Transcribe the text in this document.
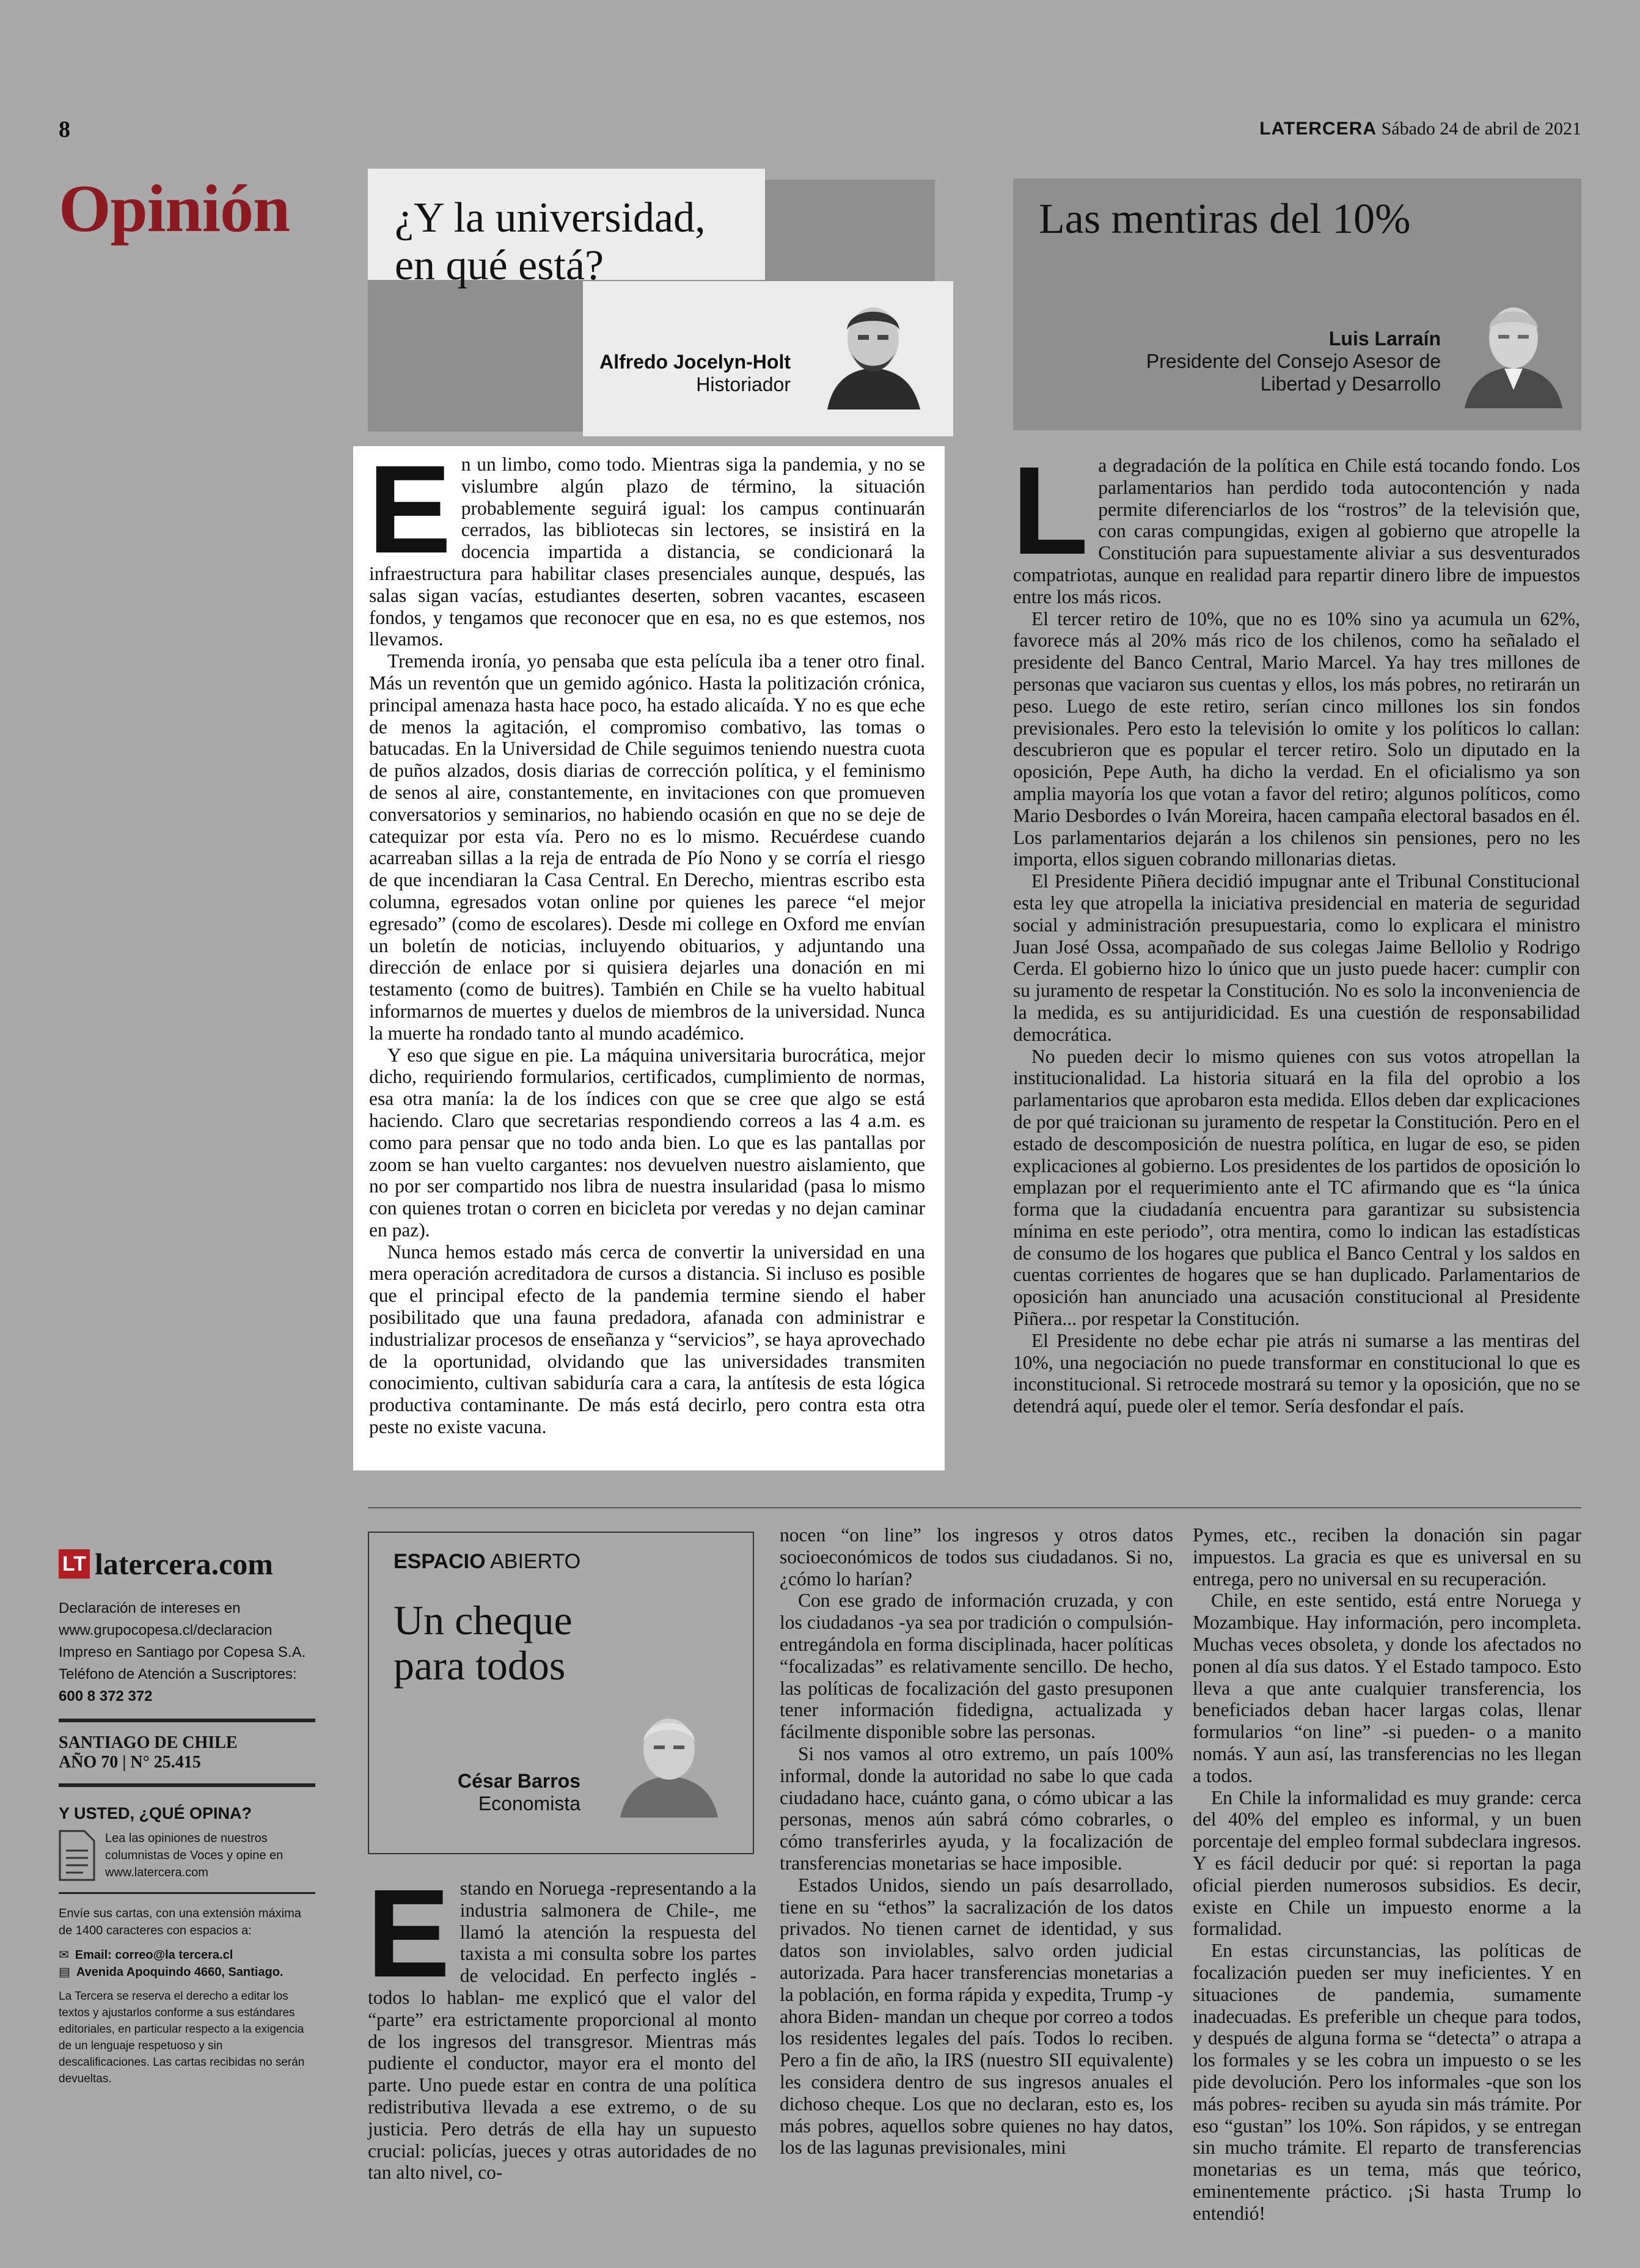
8	LATERCERA Sábado 24 de abril de 2021
Opinión ¿Y la universidad,
en qué está?
Alfredo Jocelyn-Holt
Historiador
Las mentiras del 10%
Luis Larraín
Presidente del Consejo Asesor de
Libertad y Desarrollo

En un limbo, como todo. Mientras siga la pandemia, y no se vislumbre algún plazo de término, la situación probablemente seguirá igual: los campus continuarán cerrados, las bibliotecas sin lectores, se insistirá en la docencia impartida a distancia, se condicionará la infraestructura para habilitar clases presenciales aunque, después, las salas sigan vacías, estudiantes deserten, sobren vacantes, escaseen fondos, y tengamos que reconocer que en esa, no es que estemos, nos llevamos.

Tremenda ironía, yo pensaba que esta película iba a tener otro final. Más un reventón que un gemido agónico. Hasta la politización crónica, principal amenaza hasta hace poco, ha estado alicaída. Y no es que eche de menos la agitación, el compromiso combativo, las tomas o batucadas. En la Universidad de Chile seguimos teniendo nuestra cuota de puños alzados, dosis diarias de corrección política, y el feminismo de senos al aire, constantemente, en invitaciones con que promueven conversatorios y seminarios, no habiendo ocasión en que no se deje de catequizar por esta vía. Pero no es lo mismo. Recuérdese cuando acarreaban sillas a la reja de entrada de Pío Nono y se corría el riesgo de que incendiaran la Casa Central. En Derecho, mientras escribo esta columna, egresados votan online por quienes les parece “el mejor egresado” (como de escolares). Desde mi college en Oxford me envían un boletín de noticias, incluyendo obituarios, y adjuntando una dirección de enlace por si quisiera dejarles una donación en mi testamento (como de buitres). También en Chile se ha vuelto habitual informarnos de muertes y duelos de miembros de la universidad. Nunca la muerte ha rondado tanto al mundo académico.

Y eso que sigue en pie. La máquina universitaria burocrática, mejor dicho, requiriendo formularios, certificados, cumplimiento de normas, esa otra manía: la de los índices con que se cree que algo se está haciendo. Claro que secretarias respondiendo correos a las 4 a.m. es como para pensar que no todo anda bien. Lo que es las pantallas por zoom se han vuelto cargantes: nos devuelven nuestro aislamiento, que no por ser compartido nos libra de nuestra insularidad (pasa lo mismo con quienes trotan o corren en bicicleta por veredas y no dejan caminar en paz).

Nunca hemos estado más cerca de convertir la universidad en una mera operación acreditadora de cursos a distancia. Si incluso es posible que el principal efecto de la pandemia termine siendo el haber posibilitado que una fauna predadora, afanada con administrar e industrializar procesos de enseñanza y “servicios”, se haya aprovechado de la oportunidad, olvidando que las universidades transmiten conocimiento, cultivan sabiduría cara a cara, la antítesis de esta lógica productiva contaminante. De más está decirlo, pero contra esta otra peste no existe vacuna.

La degradación de la política en Chile está tocando fondo. Los parlamentarios han perdido toda autocontención y nada permite diferenciarlos de los “rostros” de la televisión que, con caras compungidas, exigen al gobierno que atropelle la Constitución para supuestamente aliviar a sus desventurados compatriotas, aunque en realidad para repartir dinero libre de impuestos entre los más ricos.

El tercer retiro de 10%, que no es 10% sino ya acumula un 62%, favorece más al 20% más rico de los chilenos, como ha señalado el presidente del Banco Central, Mario Marcel. Ya hay tres millones de personas que vaciaron sus cuentas y ellos, los más pobres, no retirarán un peso. Luego de este retiro, serían cinco millones los sin fondos previsionales. Pero esto la televisión lo omite y los políticos lo callan: descubrieron que es popular el tercer retiro. Solo un diputado en la oposición, Pepe Auth, ha dicho la verdad. En el oficialismo ya son amplia mayoría los que votan a favor del retiro; algunos políticos, como Mario Desbordes o Iván Moreira, hacen campaña electoral basados en él. Los parlamentarios dejarán a los chilenos sin pensiones, pero no les importa, ellos siguen cobrando millonarias dietas.

El Presidente Piñera decidió impugnar ante el Tribunal Constitucional esta ley que atropella la iniciativa presidencial en materia de seguridad social y administración presupuestaria, como lo explicara el ministro Juan José Ossa, acompañado de sus colegas Jaime Bellolio y Rodrigo Cerda. El gobierno hizo lo único que un justo puede hacer: cumplir con su juramento de respetar la Constitución. No es solo la inconveniencia de la medida, es su antijuridicidad. Es una cuestión de responsabilidad democrática.

No pueden decir lo mismo quienes con sus votos atropellan la institucionalidad. La historia situará en la fila del oprobio a los parlamentarios que aprobaron esta medida. Ellos deben dar explicaciones de por qué traicionan su juramento de respetar la Constitución. Pero en el estado de descomposición de nuestra política, en lugar de eso, se piden explicaciones al gobierno. Los presidentes de los partidos de oposición lo emplazan por el requerimiento ante el TC afirmando que es “la única forma que la ciudadanía encuentra para garantizar su subsistencia mínima en este periodo”, otra mentira, como lo indican las estadísticas de consumo de los hogares que publica el Banco Central y los saldos en cuentas corrientes de hogares que se han duplicado. Parlamentarios de oposición han anunciado una acusación constitucional al Presidente Piñera... por respetar la Constitución.

El Presidente no debe echar pie atrás ni sumarse a las mentiras del 10%, una negociación no puede transformar en constitucional lo que es inconstitucional. Si retrocede mostrará su temor y la oposición, que no se detendrá aquí, puede oler el temor. Sería desfondar el país.

LT latercera.com
Declaración de intereses en
www.grupocopesa.cl/declaracion
Impreso en Santiago por Copesa S.A.
Teléfono de Atención a Suscriptores:
600 8 372 372
SANTIAGO DE CHILE
AÑO 70 | N° 25.415
Y USTED, ¿QUÉ OPINA?
Lea las opiniones de nuestros columnistas de Voces y opine en www.latercera.com
Envíe sus cartas, con una extensión máxima de 1400 caracteres con espacios a:
✉ Email: correo@la tercera.cl
▤ Avenida Apoquindo 4660, Santiago.
La Tercera se reserva el derecho a editar los textos y ajustarlos conforme a sus estándares editoriales, en particular respecto a la exigencia de un lenguaje respetuoso y sin descalificaciones. Las cartas recibidas no serán devueltas.
ESPACIO ABIERTO
Un cheque
para todos
César Barros
Economista

Estando en Noruega -representando a la industria salmonera de Chile-, me llamó la atención la respuesta del taxista a mi consulta sobre los partes de velocidad. En perfecto inglés -todos lo hablan- me explicó que el valor del “parte” era estrictamente proporcional al monto de los ingresos del transgresor. Mientras más pudiente el conductor, mayor era el monto del parte. Uno puede estar en contra de una política redistributiva llevada a ese extremo, o de su justicia. Pero detrás de ella hay un supuesto crucial: policías, jueces y otras autoridades de no tan alto nivel, co-

nocen “on line” los ingresos y otros datos socioeconómicos de todos sus ciudadanos. Si no, ¿cómo lo harían?

Con ese grado de información cruzada, y con los ciudadanos -ya sea por tradición o compulsión- entregándola en forma disciplinada, hacer políticas “focalizadas” es relativamente sencillo. De hecho, las políticas de focalización del gasto presuponen tener información fidedigna, actualizada y fácilmente disponible sobre las personas.

Si nos vamos al otro extremo, un país 100% informal, donde la autoridad no sabe lo que cada ciudadano hace, cuánto gana, o cómo ubicar a las personas, menos aún sabrá cómo cobrarles, o cómo transferirles ayuda, y la focalización de transferencias monetarias se hace imposible.

Estados Unidos, siendo un país desarrollado, tiene en su “ethos” la sacralización de los datos privados. No tienen carnet de identidad, y sus datos son inviolables, salvo orden judicial autorizada. Para hacer transferencias monetarias a la población, en forma rápida y expedita, Trump -y ahora Biden- mandan un cheque por correo a todos los residentes legales del país. Todos lo reciben. Pero a fin de año, la IRS (nuestro SII equivalente) les considera dentro de sus ingresos anuales el dichoso cheque. Los que no declaran, esto es, los más pobres, aquellos sobre quienes no hay datos, los de las lagunas previsionales, mini

Pymes, etc., reciben la donación sin pagar impuestos. La gracia es que es universal en su entrega, pero no universal en su recuperación.

Chile, en este sentido, está entre Noruega y Mozambique. Hay información, pero incompleta. Muchas veces obsoleta, y donde los afectados no ponen al día sus datos. Y el Estado tampoco. Esto lleva a que ante cualquier transferencia, los beneficiados deban hacer largas colas, llenar formularios “on line” -si pueden- o a manito nomás. Y aun así, las transferencias no les llegan a todos.

En Chile la informalidad es muy grande: cerca del 40% del empleo es informal, y un buen porcentaje del empleo formal subdeclara ingresos. Y es fácil deducir por qué: si reportan la paga oficial pierden numerosos subsidios. Es decir, existe en Chile un impuesto enorme a la formalidad.

En estas circunstancias, las políticas de focalización pueden ser muy ineficientes. Y en situaciones de pandemia, sumamente inadecuadas. Es preferible un cheque para todos, y después de alguna forma se “detecta” o atrapa a los formales y se les cobra un impuesto o se les pide devolución. Pero los informales -que son los más pobres- reciben su ayuda sin más trámite. Por eso “gustan” los 10%. Son rápidos, y se entregan sin mucho trámite. El reparto de transferencias monetarias es un tema, más que teórico, eminentemente práctico. ¡Si hasta Trump lo entendió!
